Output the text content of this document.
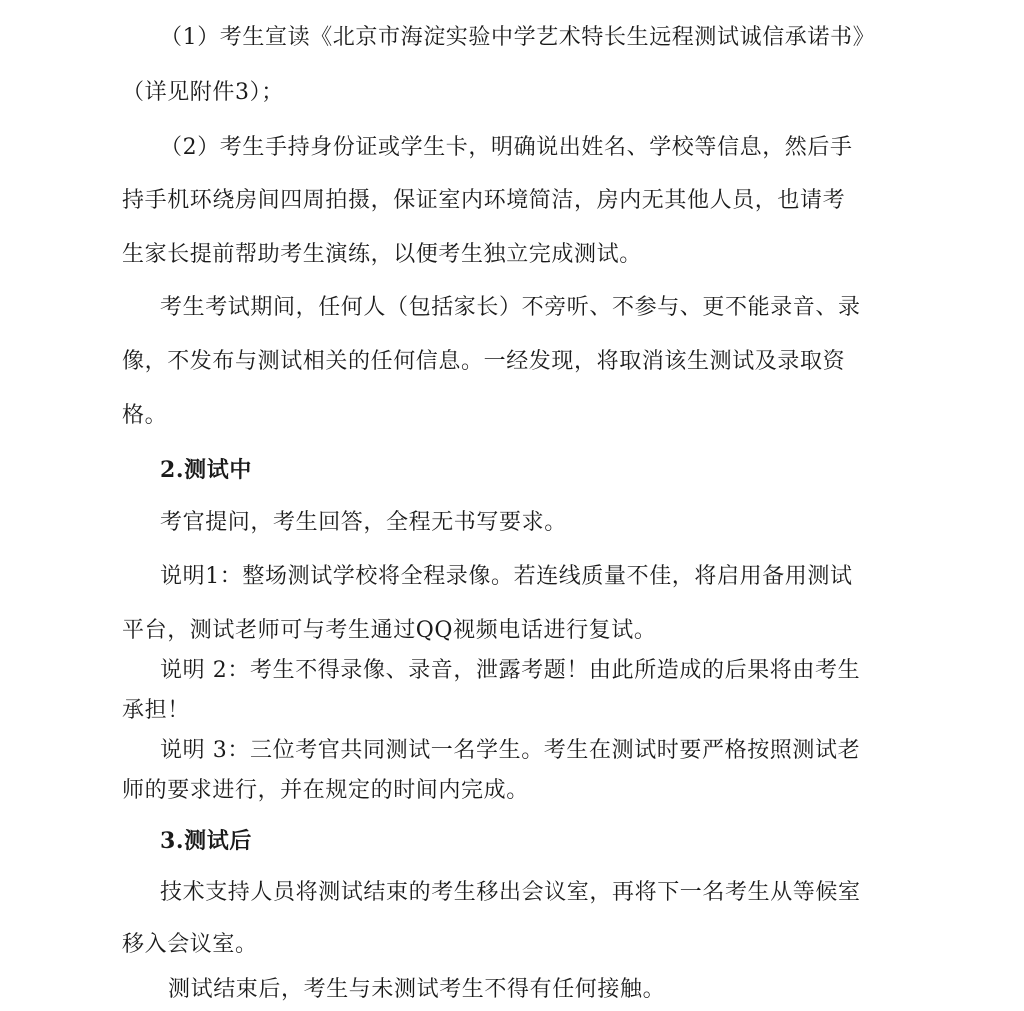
（1）考生宣读《北京市海淀实验中学艺术特长生远程测试诚信承诺书》
（详见附件3）；
（2）考生手持身份证或学生卡，明确说出姓名、学校等信息，然后手
持手机环绕房间四周拍摄，保证室内环境简洁，房内无其他人员，也请考
生家长提前帮助考生演练，以便考生独立完成测试。
考生考试期间，任何人（包括家长）不旁听、不参与、更不能录音、录
像，不发布与测试相关的任何信息。一经发现，将取消该生测试及录取资
格。
2.测试中
考官提问，考生回答，全程无书写要求。
说明1：整场测试学校将全程录像。若连线质量不佳，将启用备用测试
平台，测试老师可与考生通过QQ视频电话进行复试。
说明 2：考生不得录像、录音，泄露考题！由此所造成的后果将由考生
承担！
说明 3：三位考官共同测试一名学生。考生在测试时要严格按照测试老
师的要求进行，并在规定的时间内完成。
3.测试后
技术支持人员将测试结束的考生移出会议室，再将下一名考生从等候室
移入会议室。
测试结束后，考生与未测试考生不得有任何接触。
